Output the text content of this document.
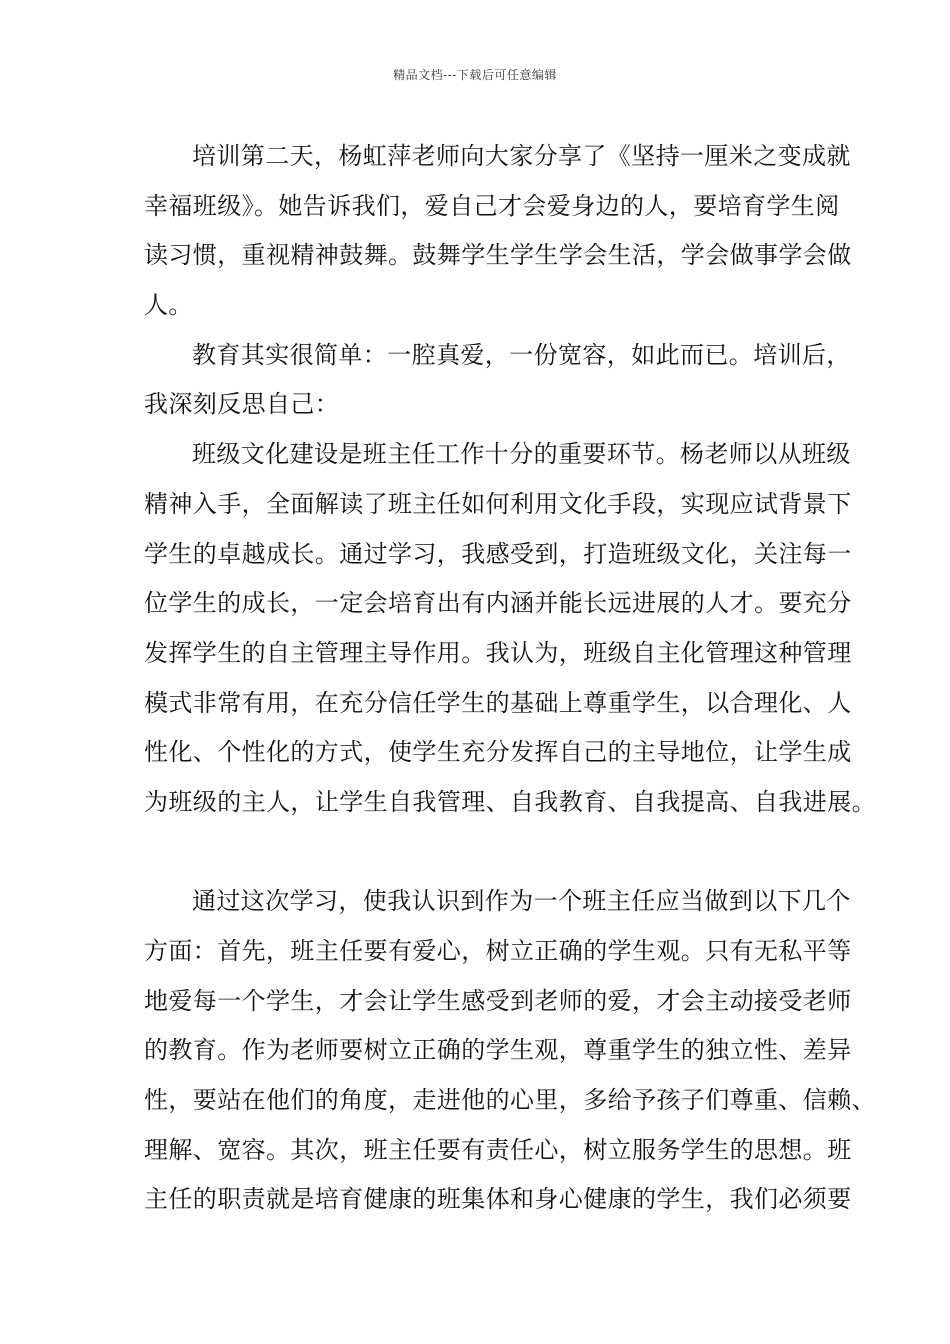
精品文档---下载后可任意编辑
培训第二天，杨虹萍老师向大家分享了《坚持一厘米之变成就
幸福班级》。她告诉我们，爱自己才会爱身边的人，要培育学生阅
读习惯，重视精神鼓舞。鼓舞学生学生学会生活，学会做事学会做
人。
教育其实很简单：一腔真爱，一份宽容，如此而已。培训后，
我深刻反思自己：
班级文化建设是班主任工作十分的重要环节。杨老师以从班级
精神入手，全面解读了班主任如何利用文化手段，实现应试背景下
学生的卓越成长。通过学习，我感受到，打造班级文化，关注每一
位学生的成长，一定会培育出有内涵并能长远进展的人才。要充分
发挥学生的自主管理主导作用。我认为，班级自主化管理这种管理
模式非常有用，在充分信任学生的基础上尊重学生，以合理化、人
性化、个性化的方式，使学生充分发挥自己的主导地位，让学生成
为班级的主人，让学生自我管理、自我教育、自我提高、自我进展。
通过这次学习，使我认识到作为一个班主任应当做到以下几个
方面：首先，班主任要有爱心，树立正确的学生观。只有无私平等
地爱每一个学生，才会让学生感受到老师的爱，才会主动接受老师
的教育。作为老师要树立正确的学生观，尊重学生的独立性、差异
性，要站在他们的角度，走进他的心里，多给予孩子们尊重、信赖、
理解、宽容。其次，班主任要有责任心，树立服务学生的思想。班
主任的职责就是培育健康的班集体和身心健康的学生，我们必须要
